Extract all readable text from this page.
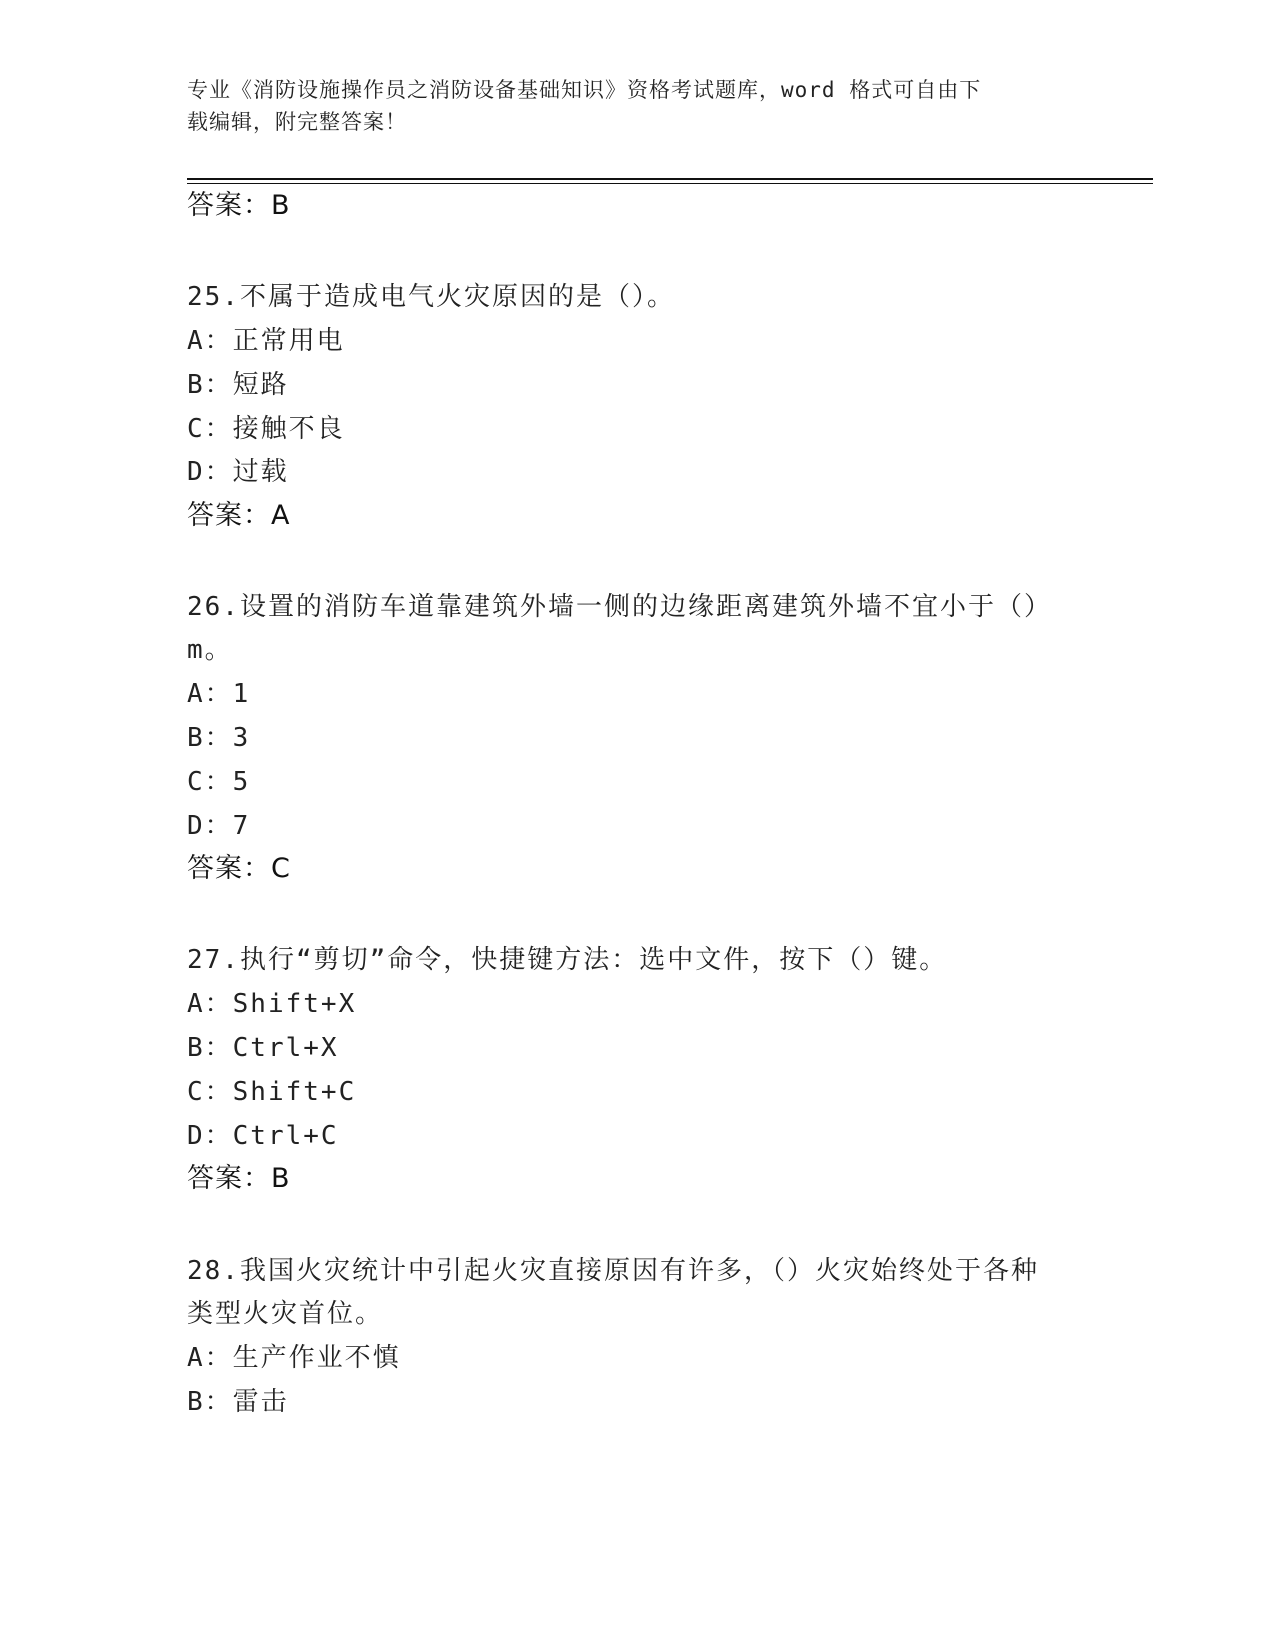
专业《消防设施操作员之消防设备基础知识》资格考试题库，word 格式可自由下
载编辑，附完整答案！
答案：B
25.不属于造成电气火灾原因的是（）。
A：正常用电
B：短路
C：接触不良
D：过载
答案：A
26.设置的消防车道靠建筑外墙一侧的边缘距离建筑外墙不宜小于（）
m。
A：1
B：3
C：5
D：7
答案：C
27.执行“剪切”命令，快捷键方法：选中文件，按下（）键。
A：Shift+X
B：Ctrl+X
C：Shift+C
D：Ctrl+C
答案：B
28.我国火灾统计中引起火灾直接原因有许多，（）火灾始终处于各种
类型火灾首位。
A：生产作业不慎
B：雷击
